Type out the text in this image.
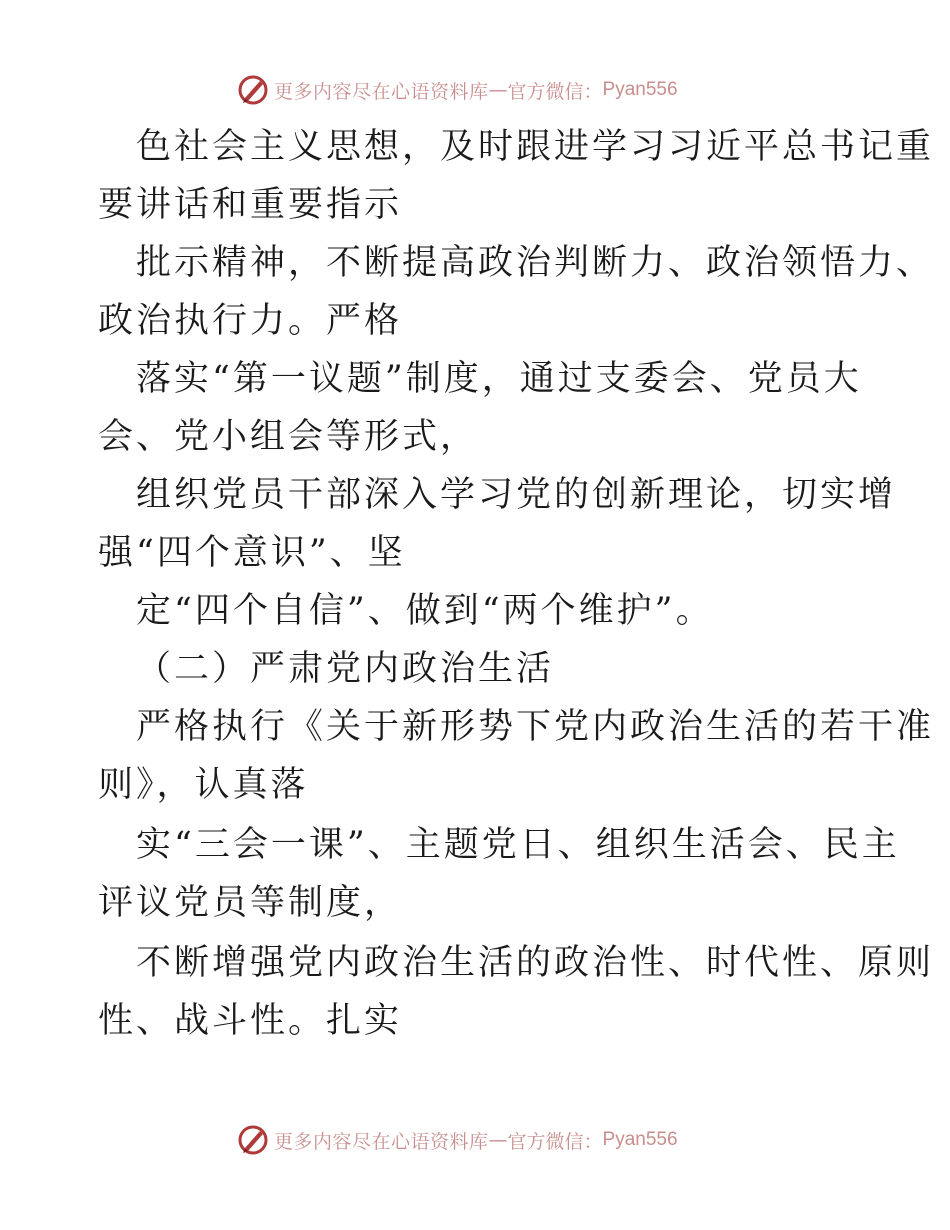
更多内容尽在心语资料库 — 官方微信： Pyan556
色社会主义思想，及时跟进学习习近平总书记重
要讲话和重要指示
批示精神，不断提高政治判断力、政治领悟力、
政治执行力。严格
落实“第一议题”制度，通过支委会、党员大
会、党小组会等形式，
组织党员干部深入学习党的创新理论，切实增
强“四个意识”、坚
定“四个自信”、做到“两个维护”。
（二）严肃党内政治生活
严格执行《关于新形势下党内政治生活的若干准
则》，认真落
实“三会一课”、主题党日、组织生活会、民主
评议党员等制度，
不断增强党内政治生活的政治性、时代性、原则
性、战斗性。扎实
更多内容尽在心语资料库 — 官方微信： Pyan556
